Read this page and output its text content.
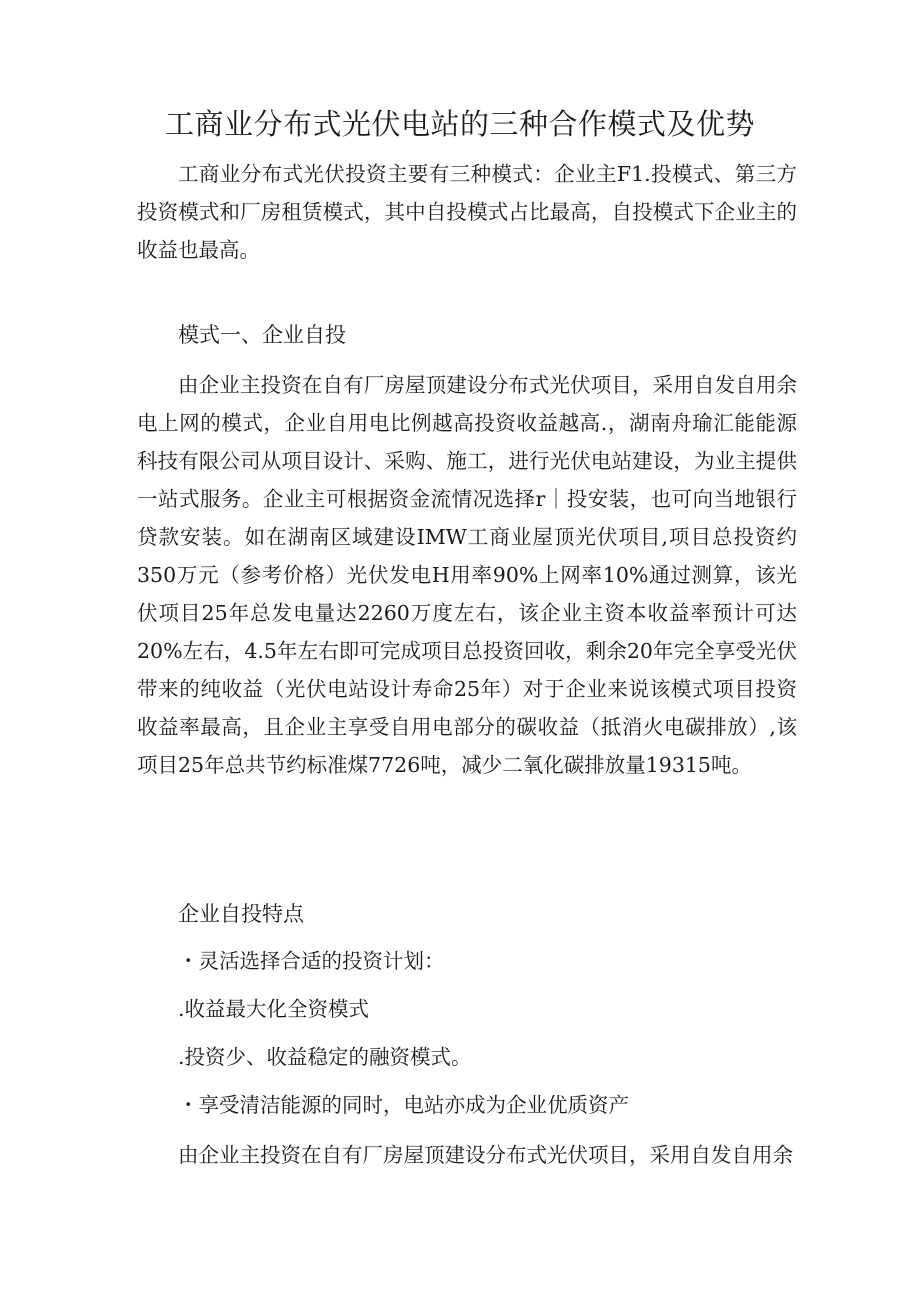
工商业分布式光伏电站的三种合作模式及优势
工商业分布式光伏投资主要有三种模式：企业主F1.投模式、第三方投资模式和厂房租赁模式，其中自投模式占比最高，自投模式下企业主的收益也最高。
模式一、企业自投
由企业主投资在自有厂房屋顶建设分布式光伏项目，采用自发自用余电上网的模式，企业自用电比例越高投资收益越高.，湖南舟瑜汇能能源科技有限公司从项目设计、采购、施工，进行光伏电站建设，为业主提供一站式服务。企业主可根据资金流情况选择r｜投安装，也可向当地银行贷款安装。如在湖南区域建设IMW工商业屋顶光伏项目,项目总投资约350万元（参考价格）光伏发电H用率90%上网率10%通过测算，该光伏项目25年总发电量达2260万度左右，该企业主资本收益率预计可达20%左右，4.5年左右即可完成项目总投资回收，剩余20年完全享受光伏带来的纯收益（光伏电站设计寿命25年）对于企业来说该模式项目投资收益率最高，且企业主享受自用电部分的碳收益（抵消火电碳排放）,该项目25年总共节约标准煤7726吨，减少二氧化碳排放量19315吨。
企业自投特点
・灵活选择合适的投资计划：
.收益最大化全资模式
.投资少、收益稳定的融资模式。
・享受清洁能源的同时，电站亦成为企业优质资产
由企业主投资在自有厂房屋顶建设分布式光伏项目，采用自发自用余
